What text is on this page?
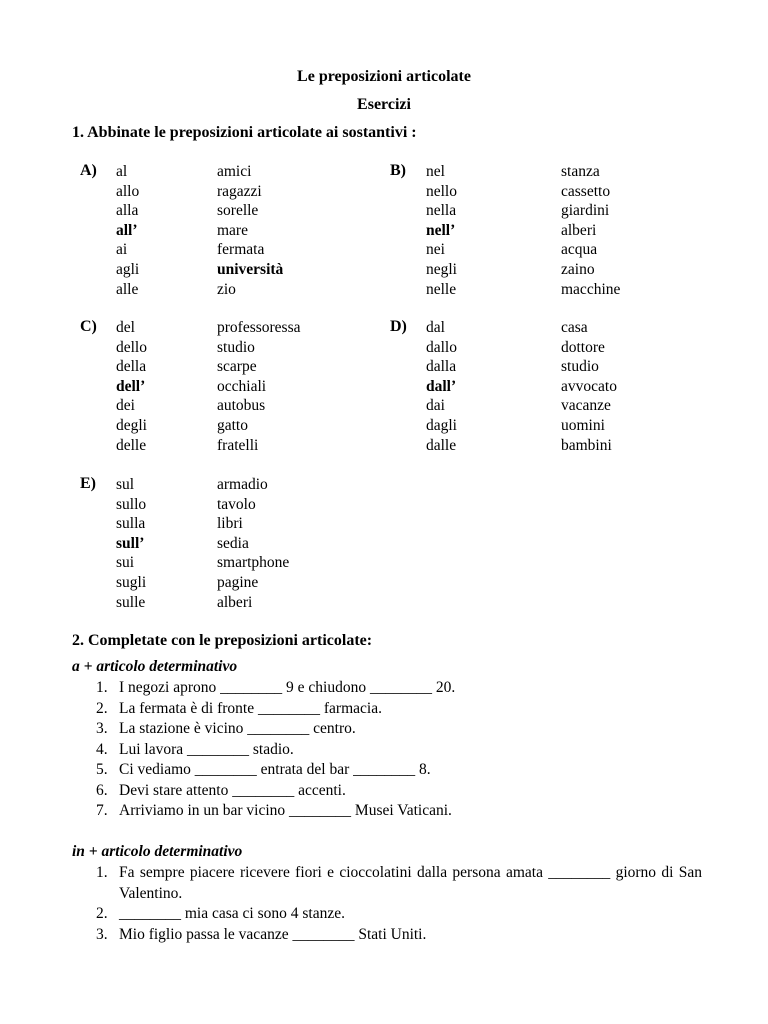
Le preposizioni articolate
Esercizi
1. Abbinate le preposizioni articolate ai sostantivi :
A) al
allo
alla
all’
ai
agli
alle
amici
ragazzi
sorelle
mare
fermata
università
zio
B) nel
nello
nella
nell’
nei
negli
nelle
stanza
cassetto
giardini
alberi
acqua
zaino
macchine
C) del
dello
della
dell’
dei
degli
delle
professoressa
studio
scarpe
occhiali
autobus
gatto
fratelli
D) dal
dallo
dalla
dall’
dai
dagli
dalle
casa
dottore
studio
avvocato
vacanze
uomini
bambini
E) sul
sullo
sulla
sull’
sui
sugli
sulle
armadio
tavolo
libri
sedia
smartphone
pagine
alberi
2. Completate con le preposizioni articolate:
a + articolo determinativo
1. I negozi aprono ________ 9 e chiudono ________ 20.
2. La fermata è di fronte ________ farmacia.
3. La stazione è vicino ________ centro.
4. Lui lavora ________ stadio.
5. Ci vediamo ________ entrata del bar ________ 8.
6. Devi stare attento ________ accenti.
7. Arriviamo in un bar vicino ________ Musei Vaticani.
in + articolo determinativo
1. Fa sempre piacere ricevere fiori e cioccolatini dalla persona amata ________ giorno di San Valentino.
2. ________ mia casa ci sono 4 stanze.
3. Mio figlio passa le vacanze ________ Stati Uniti.
